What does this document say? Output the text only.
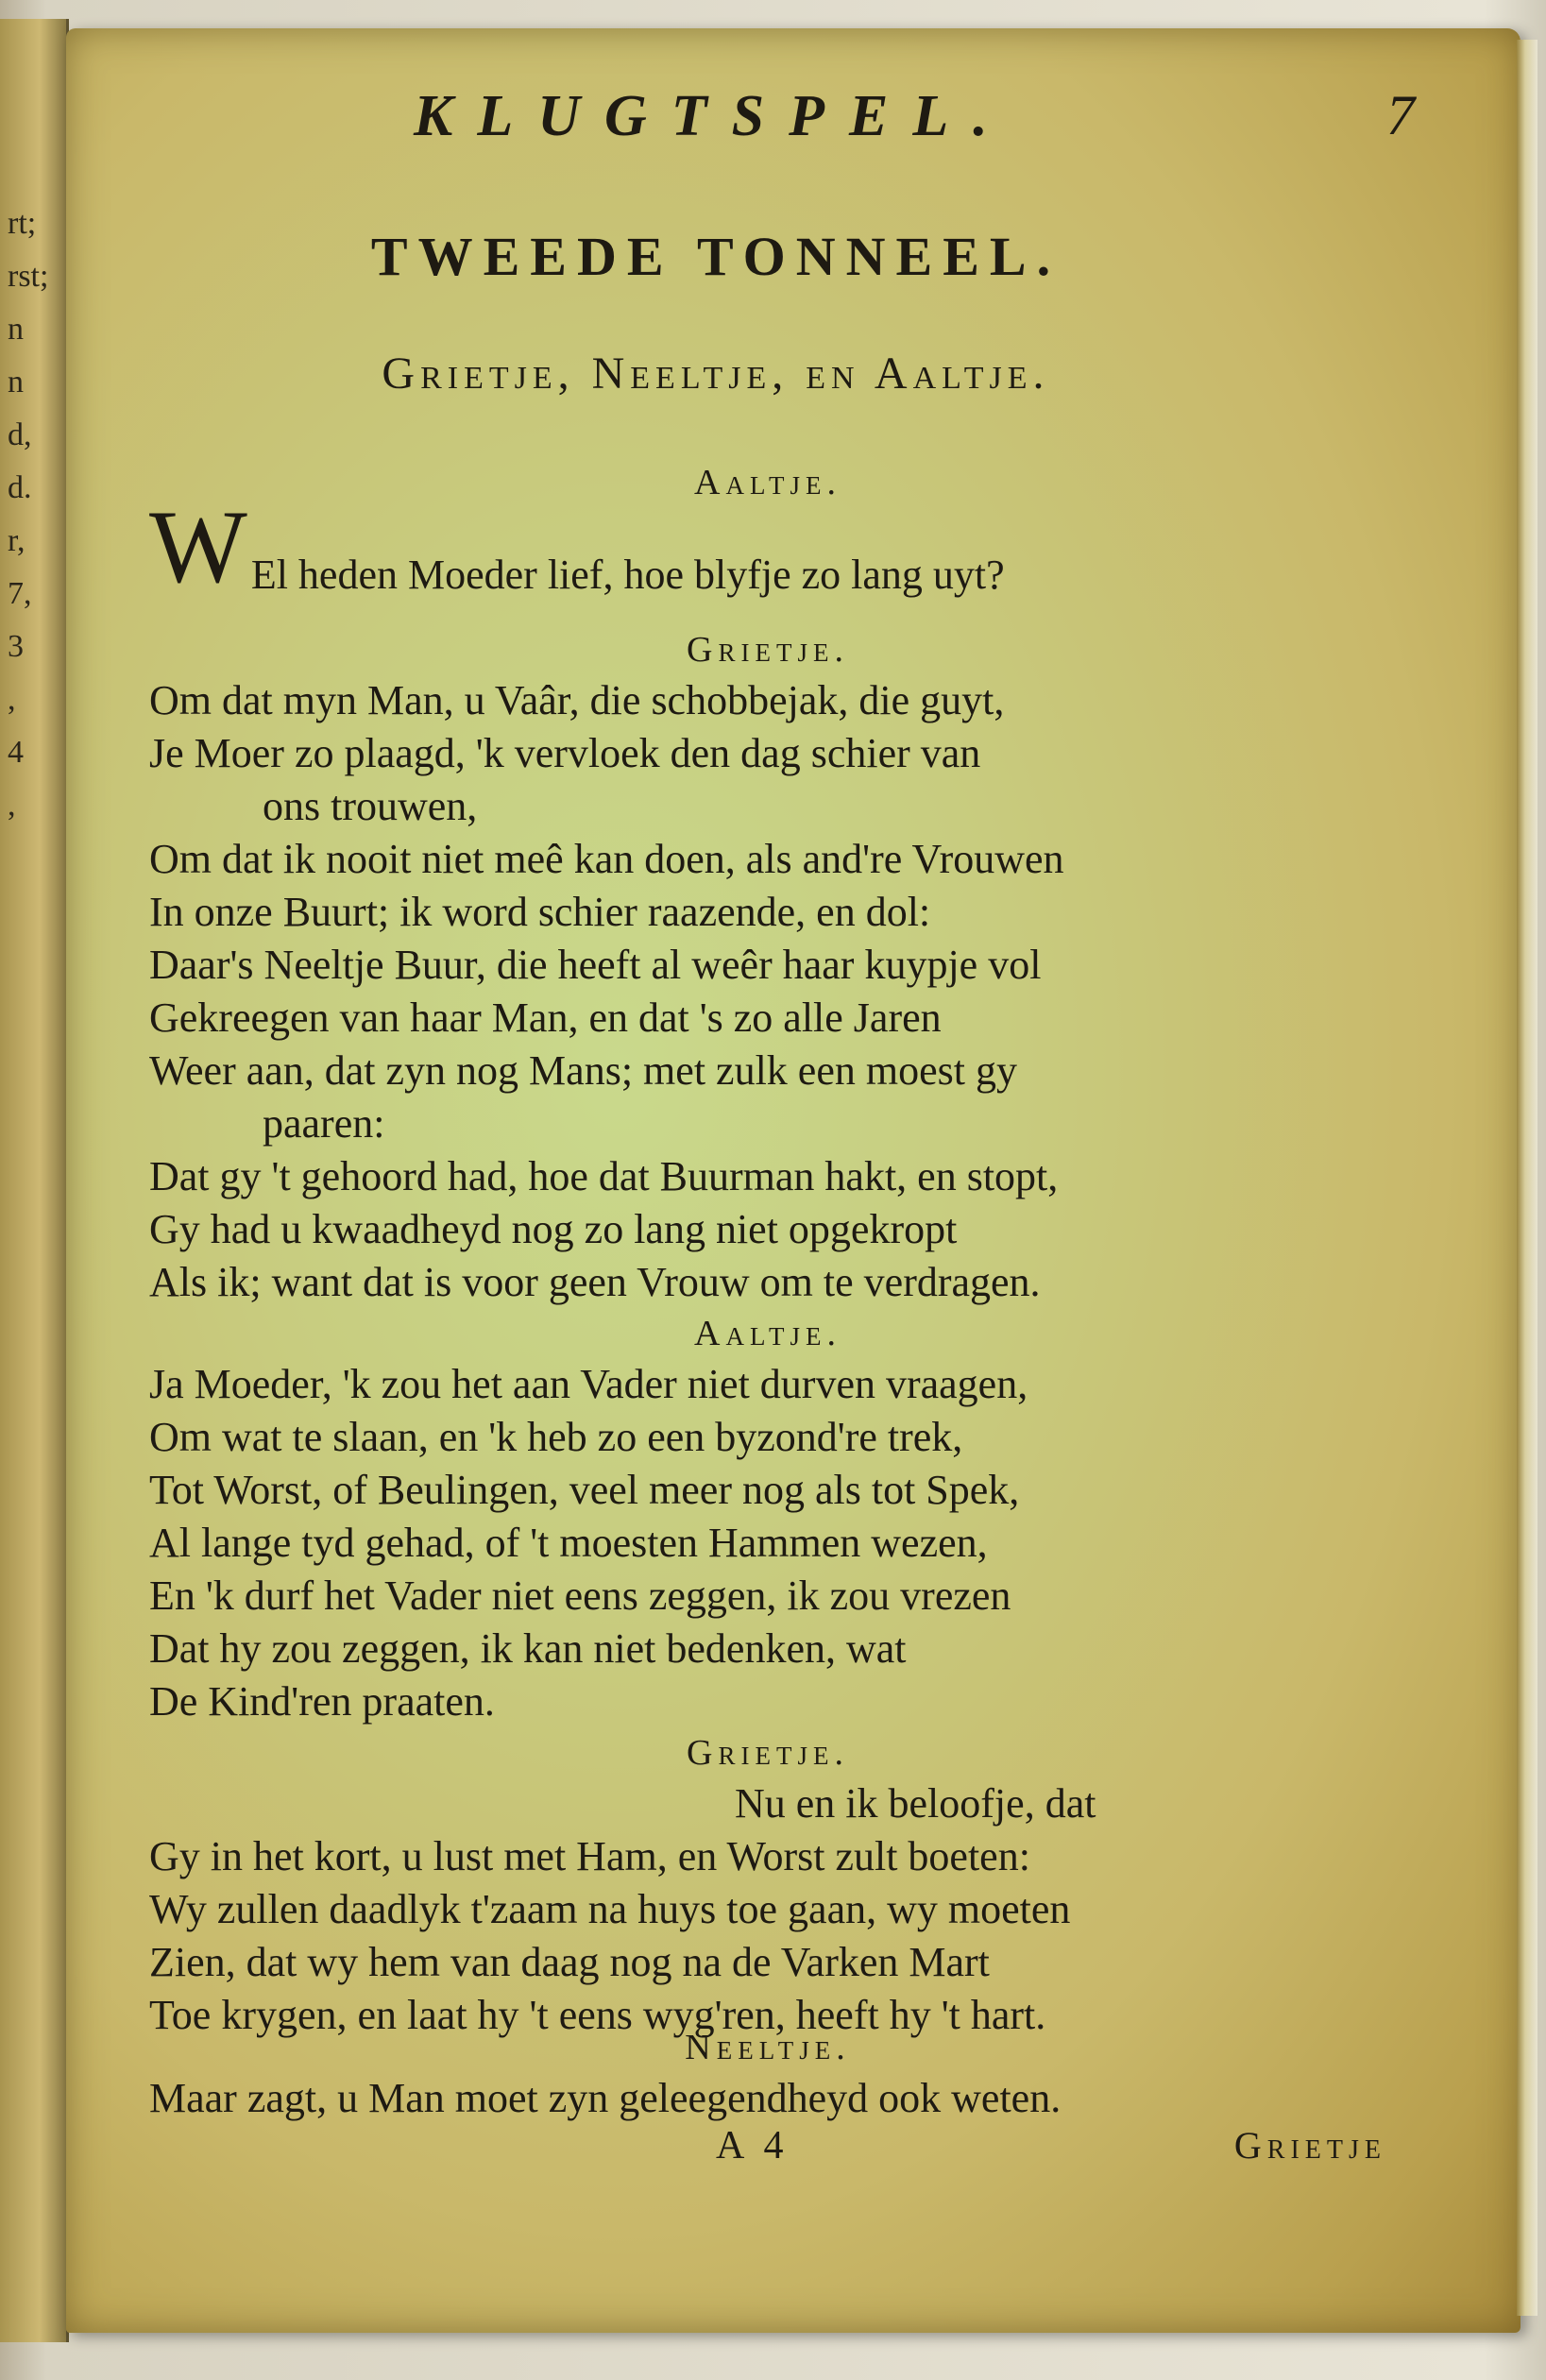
rt;
rst;
n
n
d,
d.
r,
7,
3
,
4
,
KLUGTSPEL.	7
TWEEDE TONNEEL.
Grietje, Neeltje, en Aaltje.
Aaltje.
W El heden Moeder lief, hoe blyfje zo lang uyt?
Grietje.
Om dat myn Man, u Vaâr, die schobbejak, die guyt,
Je Moer zo plaagd, 'k vervloek den dag schier van
ons trouwen,
Om dat ik nooit niet meê kan doen, als and're Vrouwen
In onze Buurt; ik word schier raazende, en dol:
Daar's Neeltje Buur, die heeft al weêr haar kuypje vol
Gekreegen van haar Man, en dat 's zo alle Jaren
Weer aan, dat zyn nog Mans; met zulk een moest gy
paaren:
Dat gy 't gehoord had, hoe dat Buurman hakt, en stopt,
Gy had u kwaadheyd nog zo lang niet opgekropt
Als ik; want dat is voor geen Vrouw om te verdragen.
Aaltje.
Ja Moeder, 'k zou het aan Vader niet durven vraagen,
Om wat te slaan, en 'k heb zo een byzond're trek,
Tot Worst, of Beulingen, veel meer nog als tot Spek,
Al lange tyd gehad, of 't moesten Hammen wezen,
En 'k durf het Vader niet eens zeggen, ik zou vrezen
Dat hy zou zeggen, ik kan niet bedenken, wat
De Kind'ren praaten.
Grietje.
Nu en ik beloofje, dat
Gy in het kort, u lust met Ham, en Worst zult boeten:
Wy zullen daadlyk t'zaam na huys toe gaan, wy moeten
Zien, dat wy hem van daag nog na de Varken Mart
Toe krygen, en laat hy 't eens wyg'ren, heeft hy 't hart.
Neeltje.
Maar zagt, u Man moet zyn geleegendheyd ook weten.
A 4	Grietje
